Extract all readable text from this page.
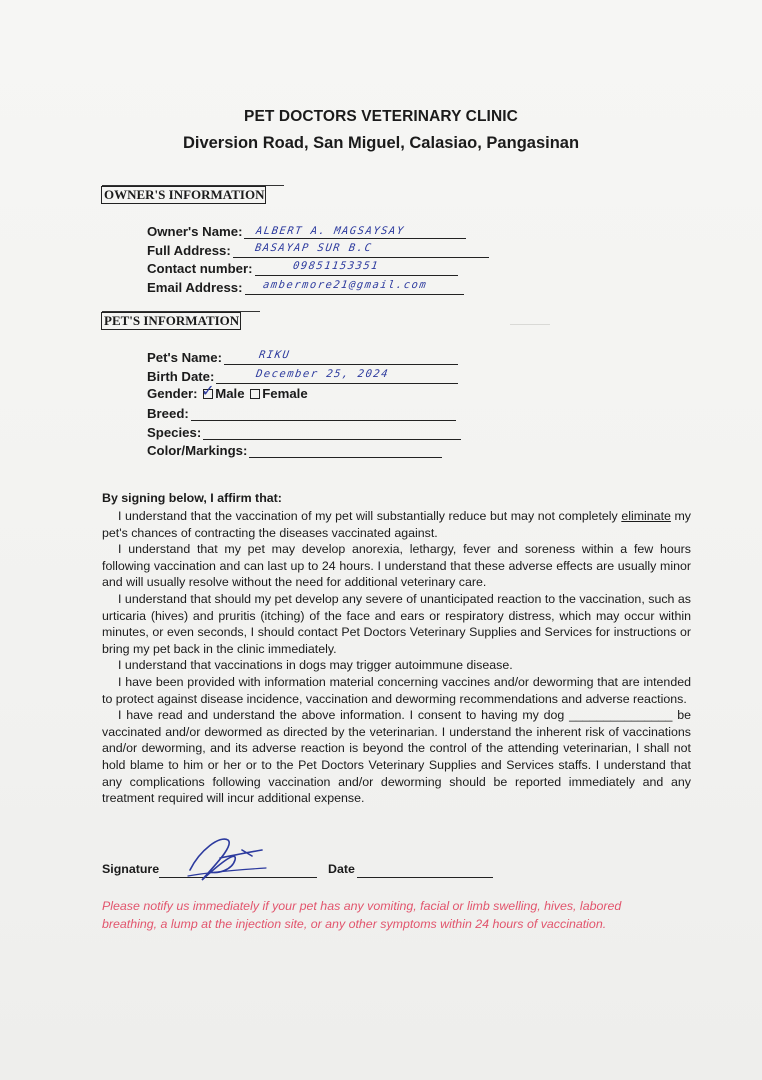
PET DOCTORS VETERINARY CLINIC
Diversion Road, San Miguel, Calasiao, Pangasinan
OWNER'S INFORMATION
Owner's Name: ALBERT A. MAGSAYSAY
Full Address: BASAYAP SUR B.C
Contact number:	09851153351
Email Address: ambermore21@gmail.com
PET'S INFORMATION
Pet's Name:	RIKU
Birth Date:	December 25, 2024
Gender: ✓ Male Female
Breed:
Species:
Color/Markings:
By signing below, I affirm that:

I understand that the vaccination of my pet will substantially reduce but may not completely eliminate my pet's chances of contracting the diseases vaccinated against.

I understand that my pet may develop anorexia, lethargy, fever and soreness within a few hours following vaccination and can last up to 24 hours. I understand that these adverse effects are usually minor and will usually resolve without the need for additional veterinary care.

I understand that should my pet develop any severe of unanticipated reaction to the vaccination, such as urticaria (hives) and pruritis (itching) of the face and ears or respiratory distress, which may occur within minutes, or even seconds, I should contact Pet Doctors Veterinary Supplies and Services for instructions or bring my pet back in the clinic immediately.

I understand that vaccinations in dogs may trigger autoimmune disease.

I have been provided with information material concerning vaccines and/or deworming that are intended to protect against disease incidence, vaccination and deworming recommendations and adverse reactions.

I have read and understand the above information. I consent to having my dog _______________ be vaccinated and/or dewormed as directed by the veterinarian. I understand the inherent risk of vaccinations and/or deworming, and its adverse reaction is beyond the control of the attending veterinarian, I shall not hold blame to him or her or to the Pet Doctors Veterinary Supplies and Services staffs. I understand that any complications following vaccination and/or deworming should be reported immediately and any treatment required will incur additional expense.

Signature	Date
Please notify us immediately if your pet has any vomiting, facial or limb swelling, hives, labored breathing, a lump at the injection site, or any other symptoms within 24 hours of vaccination.
